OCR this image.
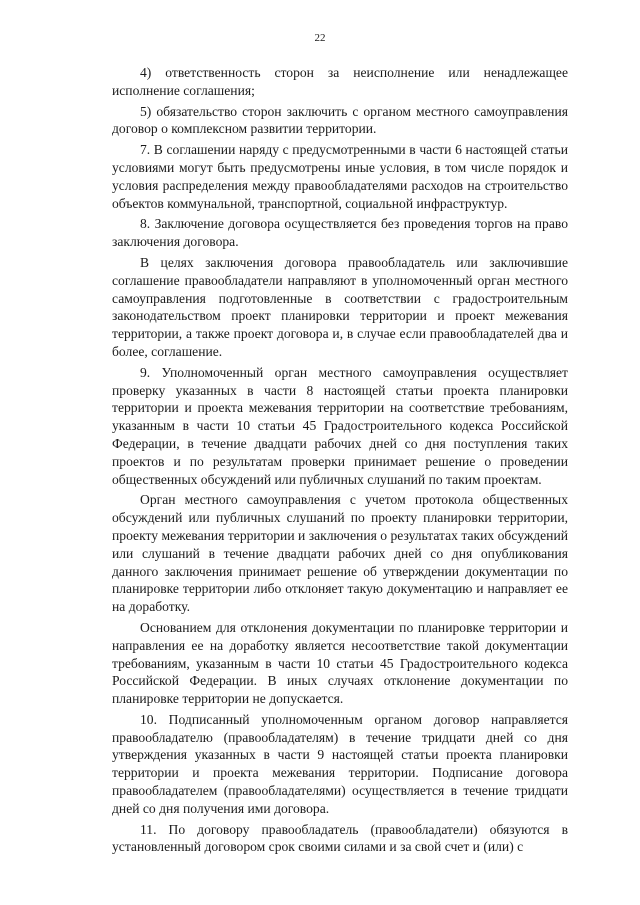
22

4) ответственность сторон за неисполнение или ненадлежащее исполнение соглашения;

5) обязательство сторон заключить с органом местного самоуправления договор о комплексном развитии территории.

7. В соглашении наряду с предусмотренными в части 6 настоящей статьи условиями могут быть предусмотрены иные условия, в том числе порядок и условия распределения между правообладателями расходов на строительство объектов коммунальной, транспортной, социальной инфраструктур.

8. Заключение договора осуществляется без проведения торгов на право заключения договора.

В целях заключения договора правообладатель или заключившие соглашение правообладатели направляют в уполномоченный орган местного самоуправления подготовленные в соответствии с градостроительным законодательством проект планировки территории и проект межевания территории, а также проект договора и, в случае если правообладателей два и более, соглашение.

9. Уполномоченный орган местного самоуправления осуществляет проверку указанных в части 8 настоящей статьи проекта планировки территории и проекта межевания территории на соответствие требованиям, указанным в части 10 статьи 45 Градостроительного кодекса Российской Федерации, в течение двадцати рабочих дней со дня поступления таких проектов и по результатам проверки принимает решение о проведении общественных обсуждений или публичных слушаний по таким проектам.

Орган местного самоуправления с учетом протокола общественных обсуждений или публичных слушаний по проекту планировки территории, проекту межевания территории и заключения о результатах таких обсуждений или слушаний в течение двадцати рабочих дней со дня опубликования данного заключения принимает решение об утверждении документации по планировке территории либо отклоняет такую документацию и направляет ее на доработку.

Основанием для отклонения документации по планировке территории и направления ее на доработку является несоответствие такой документации требованиям, указанным в части 10 статьи 45 Градостроительного кодекса Российской Федерации. В иных случаях отклонение документации по планировке территории не допускается.

10. Подписанный уполномоченным органом договор направляется правообладателю (правообладателям) в течение тридцати дней со дня утверждения указанных в части 9 настоящей статьи проекта планировки территории и проекта межевания территории. Подписание договора правообладателем (правообладателями) осуществляется в течение тридцати дней со дня получения ими договора.

11. По договору правообладатель (правообладатели) обязуются в установленный договором срок своими силами и за свой счет и (или) с
